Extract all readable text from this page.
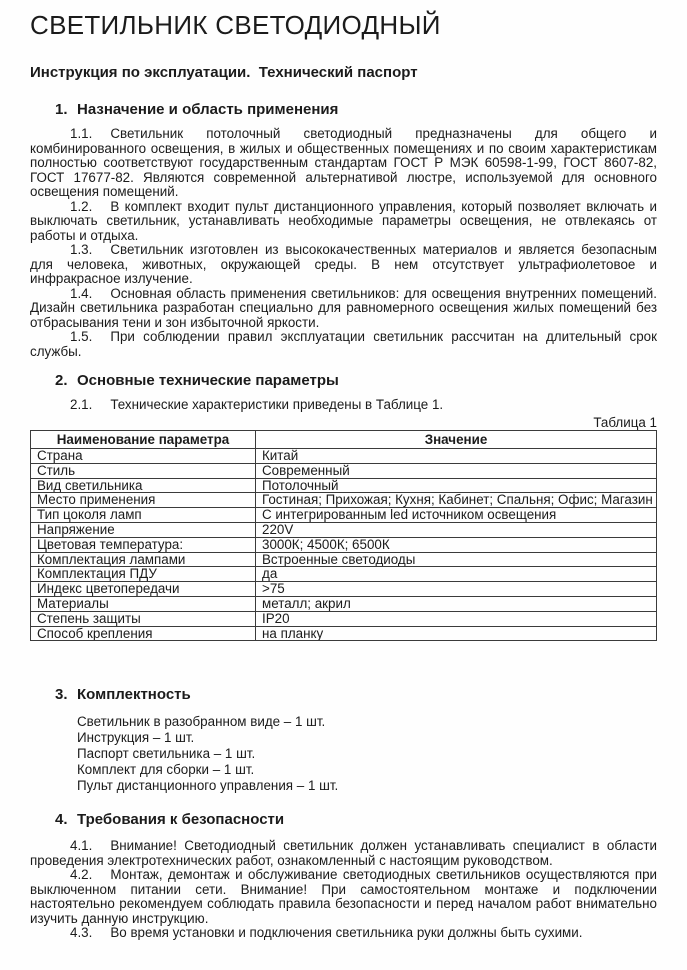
СВЕТИЛЬНИК СВЕТОДИОДНЫЙ
Инструкция по эксплуатации.  Технический паспорт
1. Назначение и область применения

1.1. Светильник потолочный светодиодный предназначены для общего и комбинированного освещения, в жилых и общественных помещениях и по своим характеристикам полностью соответствуют государственным стандартам ГОСТ Р МЭК 60598-1-99, ГОСТ 8607-82, ГОСТ 17677-82. Являются современной альтернативой люстре, используемой для основного освещения помещений.

1.2. В комплект входит пульт дистанционного управления, который позволяет включать и выключать светильник, устанавливать необходимые параметры освещения, не отвлекаясь от работы и отдыха.

1.3. Светильник изготовлен из высококачественных материалов и является безопасным для человека, животных, окружающей среды. В нем отсутствует ультрафиолетовое и инфракрасное излучение.

1.4. Основная область применения светильников: для освещения внутренних помещений. Дизайн светильника разработан специально для равномерного освещения жилых помещений без отбрасывания тени и зон избыточной яркости.

1.5. При соблюдении правил эксплуатации светильник рассчитан на длительный срок службы.

2. Основные технические параметры

2.1. Технические характеристики приведены в Таблице 1.

Таблица 1
Наименование параметра	Значение
Страна	Китай
Стиль	Современный
Вид светильника	Потолочный
Место применения	Гостиная; Прихожая; Кухня; Кабинет; Спальня; Офис; Магазин
Тип цоколя ламп	С интегрированным led источником освещения
Напряжение	220V
Цветовая температура:	3000К; 4500К; 6500К
Комплектация лампами	Встроенные светодиоды
Комплектация ПДУ	да
Индекс цветопередачи	>75
Материалы	металл; акрил
Степень защиты	IP20
Способ крепления	на планку
3. Комплектность
Светильник в разобранном виде – 1 шт.
Инструкция – 1 шт.
Паспорт светильника – 1 шт.
Комплект для сборки – 1 шт.
Пульт дистанционного управления – 1 шт.
4. Требования к безопасности

4.1. Внимание! Светодиодный светильник должен устанавливать специалист в области проведения электротехнических работ, ознакомленный с настоящим руководством.

4.2. Монтаж, демонтаж и обслуживание светодиодных светильников осуществляются при выключенном питании сети. Внимание! При самостоятельном монтаже и подключении настоятельно рекомендуем соблюдать правила безопасности и перед началом работ внимательно изучить данную инструкцию.

4.3. Во время установки и подключения светильника руки должны быть сухими.
